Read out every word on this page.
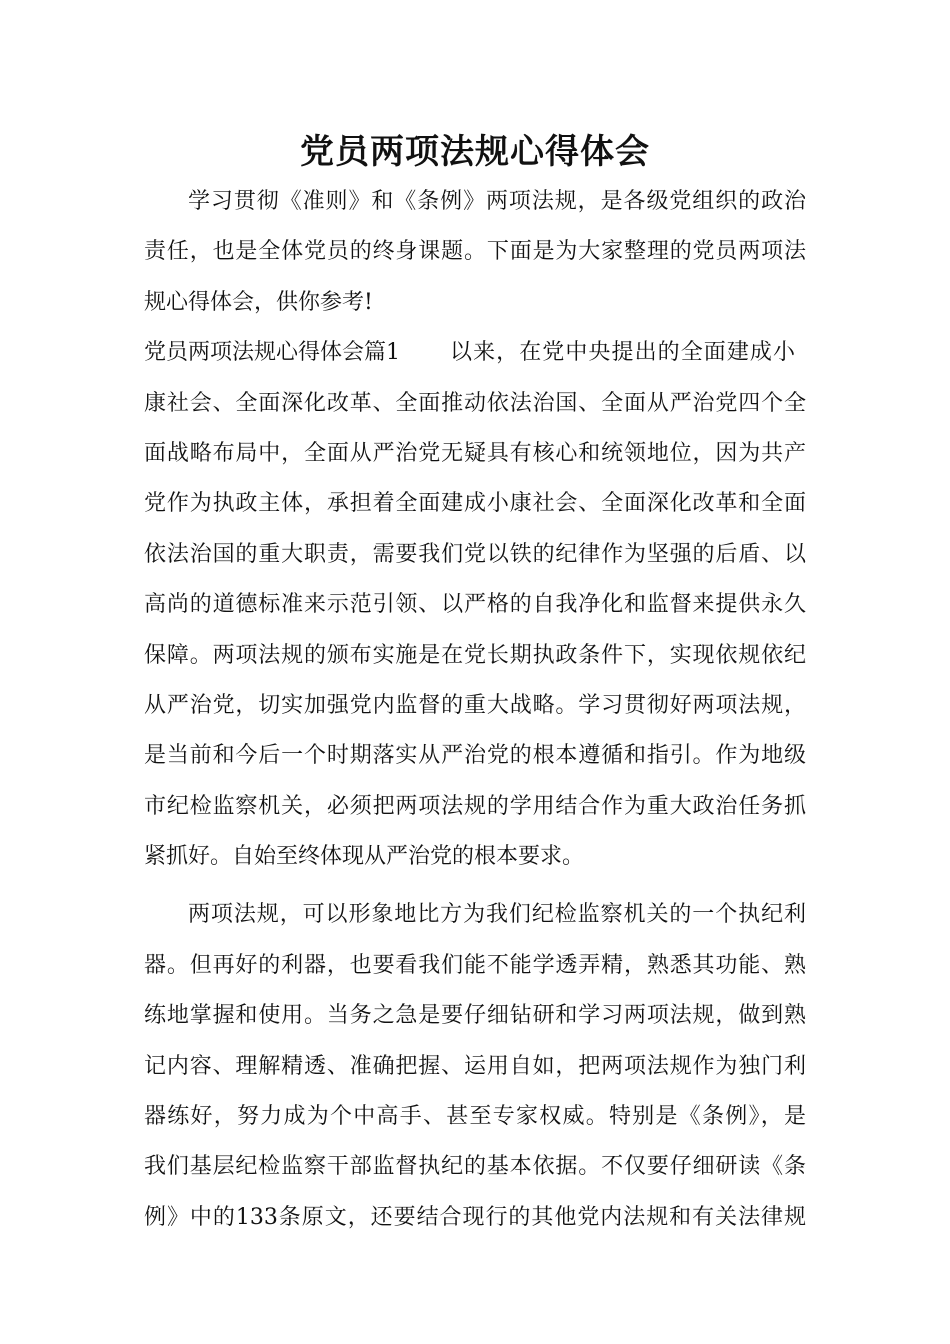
党员两项法规心得体会
学习贯彻《准则》和《条例》两项法规，是各级党组织的政治
责任，也是全体党员的终身课题。下面是为大家整理的党员两项法
规心得体会，供你参考!
党员两项法规心得体会篇1 以来，在党中央提出的全面建成小
康社会、全面深化改革、全面推动依法治国、全面从严治党四个全
面战略布局中，全面从严治党无疑具有核心和统领地位，因为共产
党作为执政主体，承担着全面建成小康社会、全面深化改革和全面
依法治国的重大职责，需要我们党以铁的纪律作为坚强的后盾、以
高尚的道德标准来示范引领、以严格的自我净化和监督来提供永久
保障。两项法规的颁布实施是在党长期执政条件下，实现依规依纪
从严治党，切实加强党内监督的重大战略。学习贯彻好两项法规，
是当前和今后一个时期落实从严治党的根本遵循和指引。作为地级
市纪检监察机关，必须把两项法规的学用结合作为重大政治任务抓
紧抓好。自始至终体现从严治党的根本要求。
两项法规，可以形象地比方为我们纪检监察机关的一个执纪利
器。但再好的利器，也要看我们能不能学透弄精，熟悉其功能、熟
练地掌握和使用。当务之急是要仔细钻研和学习两项法规，做到熟
记内容、理解精透、准确把握、运用自如，把两项法规作为独门利
器练好，努力成为个中高手、甚至专家权威。特别是《条例》，是
我们基层纪检监察干部监督执纪的基本依据。不仅要仔细研读《条
例》中的133条原文，还要结合现行的其他党内法规和有关法律规
